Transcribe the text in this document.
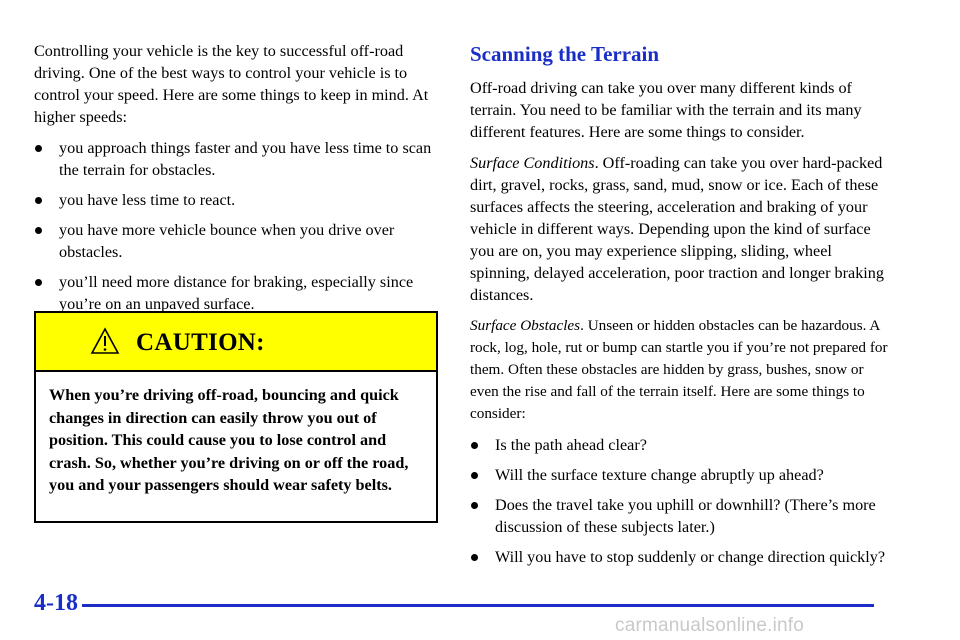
Controlling your vehicle is the key to successful off-road driving. One of the best ways to control your vehicle is to control your speed. Here are some things to keep in mind. At higher speeds:

you approach things faster and you have less time to scan the terrain for obstacles.
you have less time to react.
you have more vehicle bounce when you drive over obstacles.
you’ll need more distance for braking, especially since you’re on an unpaved surface.
CAUTION:

When you’re driving off-road, bouncing and quick changes in direction can easily throw you out of position. This could cause you to lose control and crash. So, whether you’re driving on or off the road, you and your passengers should wear safety belts.

Scanning the Terrain

Off-road driving can take you over many different kinds of terrain. You need to be familiar with the terrain and its many different features. Here are some things to consider.

Surface Conditions. Off-roading can take you over hard-packed dirt, gravel, rocks, grass, sand, mud, snow or ice. Each of these surfaces affects the steering, acceleration and braking of your vehicle in different ways. Depending upon the kind of surface you are on, you may experience slipping, sliding, wheel spinning, delayed acceleration, poor traction and longer braking distances.

Surface Obstacles. Unseen or hidden obstacles can be hazardous. A rock, log, hole, rut or bump can startle you if you’re not prepared for them. Often these obstacles are hidden by grass, bushes, snow or even the rise and fall of the terrain itself. Here are some things to consider:

Is the path ahead clear?
Will the surface texture change abruptly up ahead?
Does the travel take you uphill or downhill? (There’s more discussion of these subjects later.)
Will you have to stop suddenly or change direction quickly?
4-18
carmanualsonline.info
